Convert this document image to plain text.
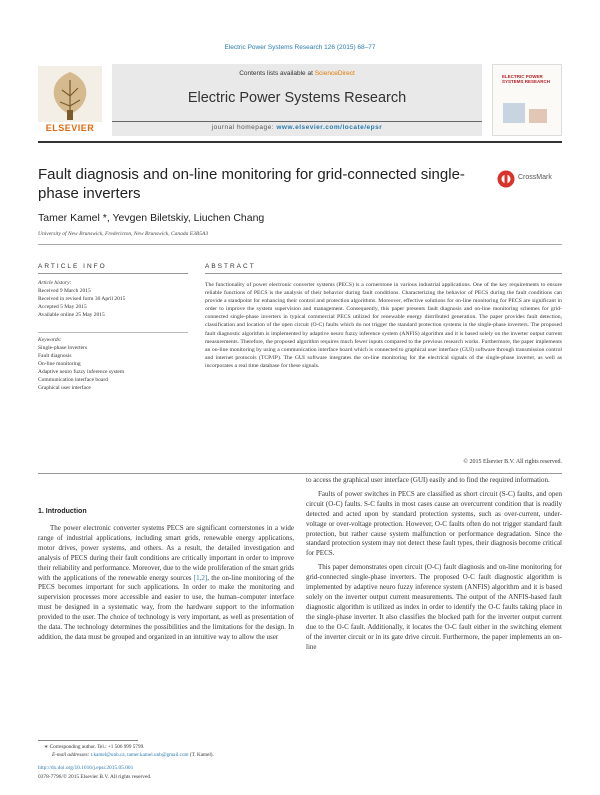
Electric Power Systems Research 126 (2015) 68–77
ELSEVIER
Contents lists available at ScienceDirect
Electric Power Systems Research
journal homepage: www.elsevier.com/locate/epsr
ELECTRIC POWER SYSTEMS RESEARCH
Fault diagnosis and on-line monitoring for grid-connected single-phase inverters
CrossMark
Tamer Kamel *, Yevgen Biletskiy, Liuchen Chang
University of New Brunswick, Fredericton, New Brunswick, Canada E3B5A3
ARTICLE INFO	ABSTRACT
Article history:
Received 9 March 2015
Received in revised form 30 April 2015
Accepted 5 May 2015
Available online 25 May 2015
Keywords:
Single-phase inverters
Fault diagnosis
On-line monitoring
Adaptive neuro fuzzy inference system
Communication interface board
Graphical user interface
The functionality of power electronic converter systems (PECS) is a cornerstone in various industrial applications. One of the key requirements to ensure reliable functions of PECS is the analysis of their behavior during fault conditions. Characterizing the behavior of PECS during the fault conditions can provide a standpoint for enhancing their control and protection algorithms. Moreover, effective solutions for on-line monitoring for PECS are significant in order to improve the system supervision and management. Consequently, this paper presents fault diagnosis and on-line monitoring schemes for grid-connected single-phase inverters in typical commercial PECS utilized for renewable energy distributed generation. The paper provides fault detection, classification and location of the open circuit (O-C) faults which do not trigger the standard protection systems in the single-phase inverters. The proposed fault diagnostic algorithm is implemented by adaptive neuro fuzzy inference system (ANFIS) algorithm and it is based solely on the inverter output current measurements. Therefore, the proposed algorithm requires much fewer inputs compared to the previous research works. Furthermore, the paper implements an on-line monitoring by using a communication interface board which is connected to graphical user interface (GUI) software through transmission control and internet protocols (TCP/IP). The GUI software integrates the on-line monitoring for the electrical signals of the single-phase inverter, as well as incorporates a real time database for these signals.
© 2015 Elsevier B.V. All rights reserved.
1. Introduction
The power electronic converter systems PECS are significant cornerstones in a wide range of industrial applications, including smart grids, renewable energy applications, motor drives, power systems, and others. As a result, the detailed investigation and analysis of PECS during their fault conditions are critically important in order to improve their reliability and performance. Moreover, due to the wide proliferation of the smart grids with the applications of the renewable energy sources [1,2], the on-line monitoring of the PECS becomes important for such applications. In order to make the monitoring and supervision processes more accessible and easier to use, the human–computer interface must be designed in a systematic way, from the hardware support to the information provided to the user. The choice of technology is very important, as well as presentation of the data. The technology determines the possibilities and the limitations for the design. In addition, the data must be grouped and organized in an intuitive way to allow the user

to access the graphical user interface (GUI) easily and to find the required information.

Faults of power switches in PECS are classified as short circuit (S-C) faults, and open circuit (O-C) faults. S-C faults in most cases cause an overcurrent condition that is readily detected and acted upon by standard protection systems, such as over-current, under-voltage or over-voltage protection. However, O-C faults often do not trigger standard fault protection, but rather cause system malfunction or performance degradation. Since the standard protection system may not detect these fault types, their diagnosis become critical for PECS.

This paper demonstrates open circuit (O-C) fault diagnosis and on-line monitoring for grid-connected single-phase inverters. The proposed O-C fault diagnostic algorithm is implemented by adaptive neuro fuzzy inference system (ANFIS) algorithm and it is based solely on the inverter output current measurements. The output of the ANFIS-based fault diagnostic algorithm is utilized as index in order to identify the O-C faults taking place in the single-phase inverter. It also classifies the blocked path for the inverter output current due to the O-C fault. Additionally, it locates the O-C fault either in the switching element of the inverter circuit or in its gate drive circuit. Furthermore, the paper implements an on-line

∗ Corresponding author. Tel.: +1 506 999 5799.
E-mail addresses: t.kamel@unb.ca, tamer.kamel.unb@gmail.com (T. Kamel).
http://dx.doi.org/10.1016/j.epsr.2015.05.001
0378-7796/© 2015 Elsevier B.V. All rights reserved.
